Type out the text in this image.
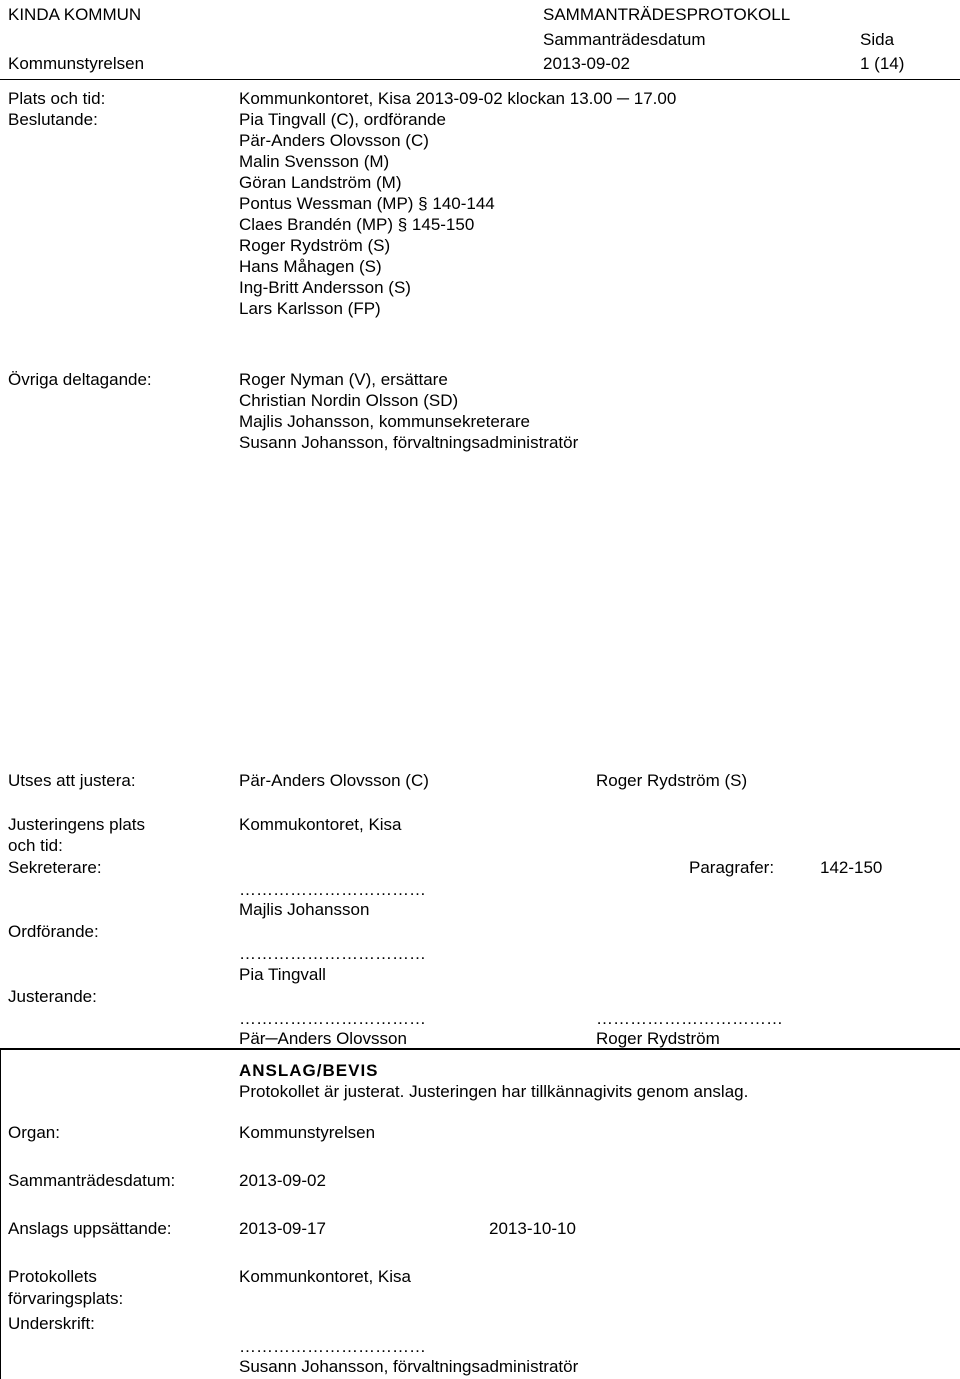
KINDA KOMMUN	SAMMANTRÄDESPROTOKOLL
Sammanträdesdatum	Sida
Kommunstyrelsen	2013-09-02	1 (14)
Plats och tid:	Kommunkontoret, Kisa 2013-09-02 klockan 13.00 ─ 17.00
Beslutande:	Pia Tingvall (C), ordförande
Pär-Anders Olovsson (C)
Malin Svensson (M)
Göran Landström (M)
Pontus Wessman (MP) § 140-144
Claes Brandén (MP) § 145-150
Roger Rydström (S)
Hans Måhagen (S)
Ing-Britt Andersson (S)
Lars Karlsson (FP)
Övriga deltagande:	Roger Nyman (V), ersättare
Christian Nordin Olsson (SD)
Majlis Johansson, kommunsekreterare
Susann Johansson, förvaltningsadministratör
Utses att justera:	Pär-Anders Olovsson (C)	Roger Rydström (S)
Justeringens plats	Kommukontoret, Kisa
och tid:
Sekreterare:	Paragrafer:	142-150
……………………………
Majlis Johansson
Ordförande:
……………………………
Pia Tingvall
Justerande:
……………………………	……………………………
Pär─Anders Olovsson	Roger Rydström
ANSLAG/BEVIS
Protokollet är justerat. Justeringen har tillkännagivits genom anslag.
Organ:	Kommunstyrelsen
Sammanträdesdatum:	2013-09-02
Anslags uppsättande:	2013-09-17	2013-10-10
Protokollets	Kommunkontoret, Kisa
förvaringsplats:
Underskrift:
……………………………
Susann Johansson, förvaltningsadministratör
